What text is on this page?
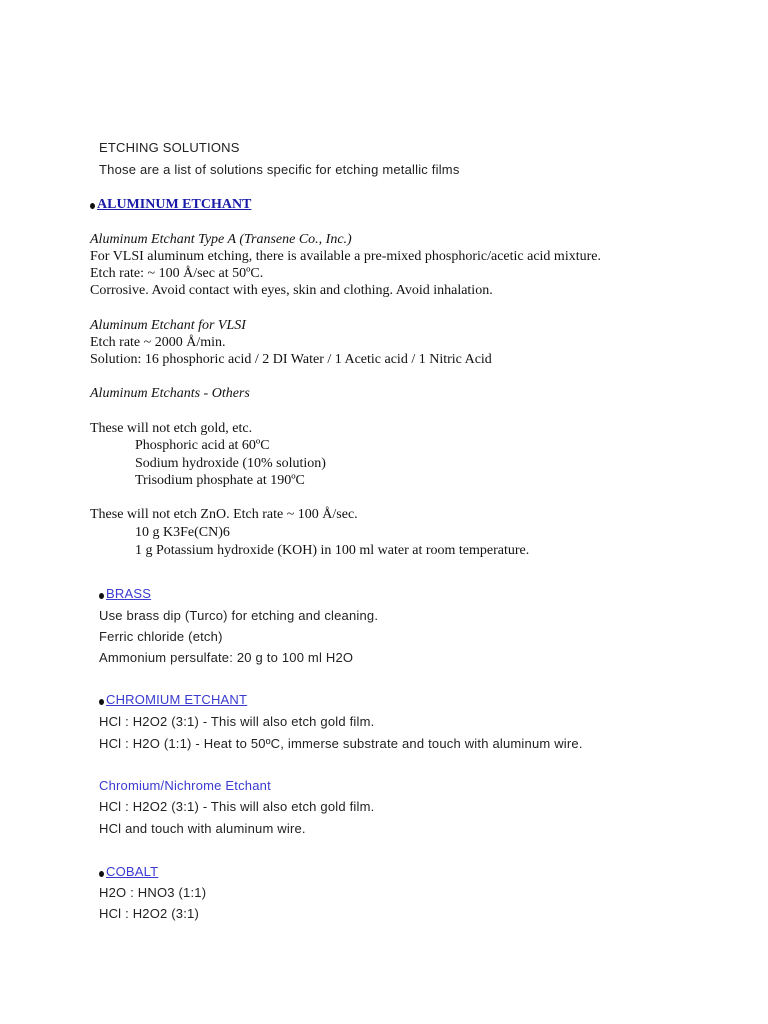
ETCHING SOLUTIONS
Those are a list of solutions specific for etching metallic films
ALUMINUM ETCHANT
Aluminum Etchant Type A (Transene Co., Inc.)
For VLSI aluminum etching, there is available a pre-mixed phosphoric/acetic acid mixture.
Etch rate: ~ 100 Å/sec at 50ºC.
Corrosive. Avoid contact with eyes, skin and clothing. Avoid inhalation.
Aluminum Etchant for VLSI
Etch rate ~ 2000 Å/min.
Solution: 16 phosphoric acid / 2 DI Water / 1 Acetic acid / 1 Nitric Acid
Aluminum Etchants - Others
These will not etch gold, etc.
Phosphoric acid at 60ºC
Sodium hydroxide (10% solution)
Trisodium phosphate at 190ºC
These will not etch ZnO. Etch rate ~ 100 Å/sec.
10 g K3Fe(CN)6
1 g Potassium hydroxide (KOH) in 100 ml water at room temperature.
BRASS
Use brass dip (Turco) for etching and cleaning.
Ferric chloride (etch)
Ammonium persulfate: 20 g to 100 ml H2O
CHROMIUM ETCHANT
HCl : H2O2 (3:1) - This will also etch gold film.
HCl : H2O (1:1) - Heat to 50ºC, immerse substrate and touch with aluminum wire.
Chromium/Nichrome Etchant
HCl : H2O2 (3:1) - This will also etch gold film.
HCl and touch with aluminum wire.
COBALT
H2O : HNO3 (1:1)
HCl : H2O2 (3:1)
